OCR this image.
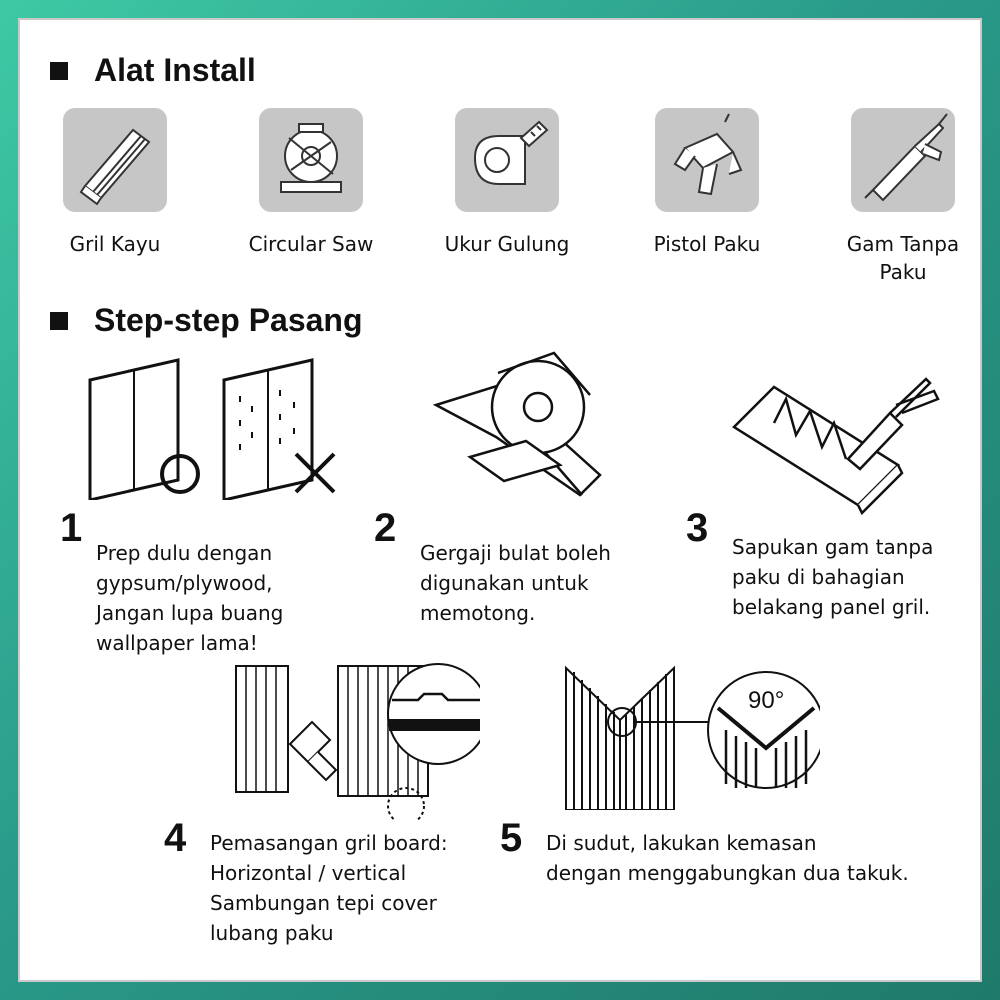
Alat Install
Gril Kayu	Circular Saw	Ukur Gulung	Pistol Paku	Gam Tanpa Paku
Step-step Pasang
1
Prep dulu dengan
gypsum/plywood,
Jangan lupa buang
wallpaper lama!
2
Gergaji bulat boleh
digunakan untuk
memotong.
3	Sapukan gam tanpa
paku di bahagian
belakang panel gril.
90°
4	Pemasangan gril board:
Horizontal / vertical
Sambungan tepi cover
lubang paku
5	Di sudut, lakukan kemasan
dengan menggabungkan dua takuk.
